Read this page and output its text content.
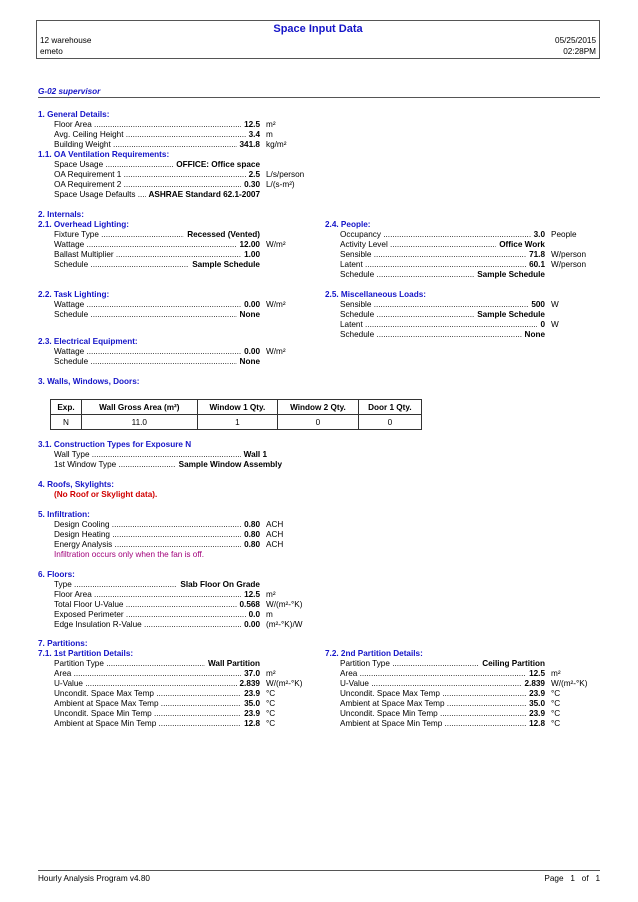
Space Input Data
12 warehouse
emeto
05/25/2015
02:28PM
G-02 supervisor
1. General Details:
Floor Area .....	12.5 m²
Avg. Ceiling Height .....	3.4 m
Building Weight .....	341.8 kg/m²
1.1. OA Ventilation Requirements:
Space Usage .....	OFFICE: Office space
OA Requirement 1 .....	2.5 L/s/person
OA Requirement 2 .....	0.30 L/(s-m²)
Space Usage Defaults .....	ASHRAE Standard 62.1-2007
2. Internals:
2.1. Overhead Lighting:
Fixture Type .....	Recessed (Vented)
Wattage .....	12.00 W/m²
Ballast Multiplier .....	1.00
Schedule .....	Sample Schedule
2.4. People:
Occupancy .....	3.0 People
Activity Level .....	Office Work
Sensible .....	71.8 W/person
Latent .....	60.1 W/person
Schedule .....	Sample Schedule
2.2. Task Lighting:
Wattage .....	0.00 W/m²
Schedule .....	None
2.5. Miscellaneous Loads:
Sensible .....	500 W
Schedule .....	Sample Schedule
Latent .....	0 W
Schedule .....	None
2.3. Electrical Equipment:
Wattage .....	0.00 W/m²
Schedule .....	None
3. Walls, Windows, Doors:
Exp.	Wall Gross Area (m²)	Window 1 Qty.	Window 2 Qty.	Door 1 Qty.
N	11.0	1	0	0
3.1. Construction Types for Exposure N
Wall Type .....	Wall 1
1st Window Type .....	Sample Window Assembly
4. Roofs, Skylights:
(No Roof or Skylight data).
5. Infiltration:
Design Cooling .....	0.80 ACH
Design Heating .....	0.80 ACH
Energy Analysis .....	0.80 ACH
Infiltration occurs only when the fan is off.
6. Floors:
Type .....	Slab Floor On Grade
Floor Area .....	12.5 m²
Total Floor U-Value .....	0.568 W/(m²-°K)
Exposed Perimeter .....	0.0 m
Edge Insulation R-Value .....	0.00 (m²-°K)/W
7. Partitions:
7.1. 1st Partition Details:
Partition Type .....	Wall Partition
Area .....	37.0 m²
U-Value .....	2.839 W/(m²-°K)
Uncondit. Space Max Temp .....	23.9 °C
Ambient at Space Max Temp .....	35.0 °C
Uncondit. Space Min Temp .....	23.9 °C
Ambient at Space Min Temp .....	12.8 °C
7.2. 2nd Partition Details:
Partition Type .....	Ceiling Partition
Area .....	12.5 m²
U-Value .....	2.839 W/(m²-°K)
Uncondit. Space Max Temp .....	23.9 °C
Ambient at Space Max Temp .....	35.0 °C
Uncondit. Space Min Temp .....	23.9 °C
Ambient at Space Min Temp .....	12.8 °C
Hourly Analysis Program v4.80	Page 1 of 1
